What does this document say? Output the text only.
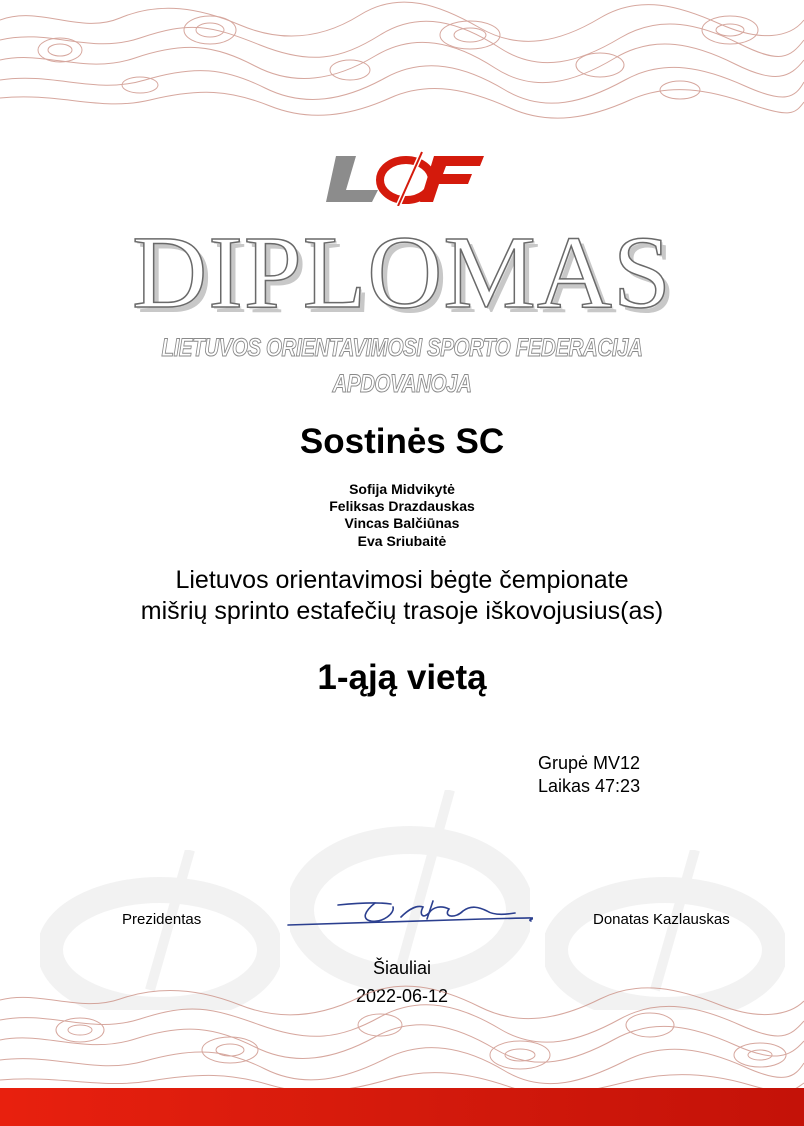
DIPLOMAS
LIETUVOS ORIENTAVIMOSI SPORTO FEDERACIJA
APDOVANOJA
Sostinės SC
Sofija Midvikytė
Feliksas Drazdauskas
Vincas Balčiūnas
Eva Sriubaitė
Lietuvos orientavimosi bėgte čempionate
mišrių sprinto estafečių trasoje iškovojusius(as)
1-ąją vietą
Grupė MV12
Laikas 47:23
Prezidentas	Donatas Kazlauskas
Šiauliai
2022-06-12
